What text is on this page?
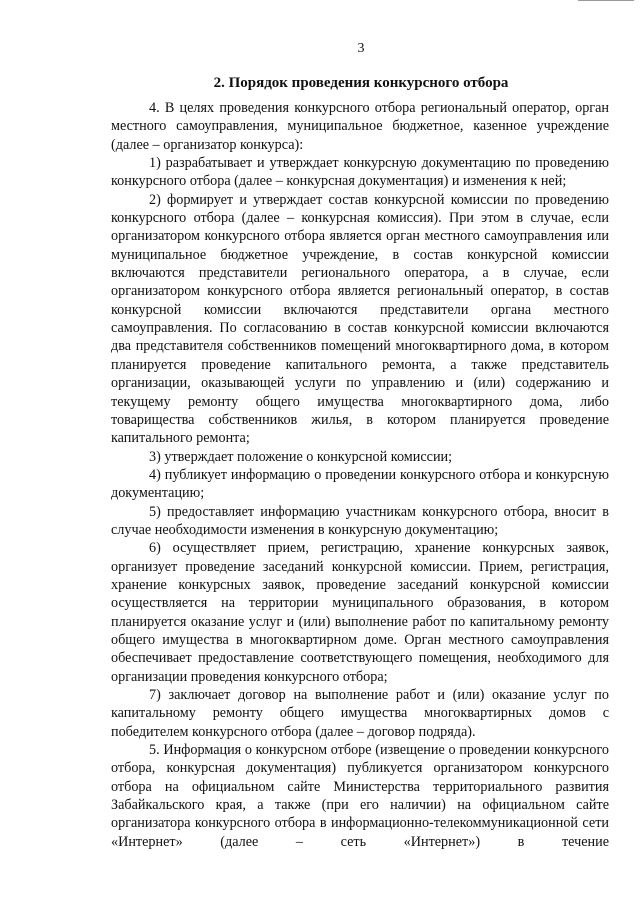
3
2. Порядок проведения конкурсного отбора

4. В целях проведения конкурсного отбора региональный оператор, орган местного самоуправления, муниципальное бюджетное, казенное учреждение (далее – организатор конкурса):

1) разрабатывает и утверждает конкурсную документацию по проведению конкурсного отбора (далее – конкурсная документация) и изменения к ней;

2) формирует и утверждает состав конкурсной комиссии по проведению конкурсного отбора (далее – конкурсная комиссия). При этом в случае, если организатором конкурсного отбора является орган местного самоуправления или муниципальное бюджетное учреждение, в состав конкурсной комиссии включаются представители регионального оператора, а в случае, если организатором конкурсного отбора является региональный оператор, в состав конкурсной комиссии включаются представители органа местного самоуправления. По согласованию в состав конкурсной комиссии включаются два представителя собственников помещений многоквартирного дома, в котором планируется проведение капитального ремонта, а также представитель организации, оказывающей услуги по управлению и (или) содержанию и текущему ремонту общего имущества многоквартирного дома, либо товарищества собственников жилья, в котором планируется проведение капитального ремонта;

3) утверждает положение о конкурсной комиссии;

4) публикует информацию о проведении конкурсного отбора и конкурсную документацию;

5) предоставляет информацию участникам конкурсного отбора, вносит в случае необходимости изменения в конкурсную документацию;

6) осуществляет прием, регистрацию, хранение конкурсных заявок, организует проведение заседаний конкурсной комиссии. Прием, регистрация, хранение конкурсных заявок, проведение заседаний конкурсной комиссии осуществляется на территории муниципального образования, в котором планируется оказание услуг и (или) выполнение работ по капитальному ремонту общего имущества в многоквартирном доме. Орган местного самоуправления обеспечивает предоставление соответствующего помещения, необходимого для организации проведения конкурсного отбора;

7) заключает договор на выполнение работ и (или) оказание услуг по капитальному ремонту общего имущества многоквартирных домов с победителем конкурсного отбора (далее – договор подряда).

5. Информация о конкурсном отборе (извещение о проведении конкурсного отбора, конкурсная документация) публикуется организатором конкурсного отбора на официальном сайте Министерства территориального развития Забайкальского края, а также (при его наличии) на официальном сайте организатора конкурсного отбора в информационно-телекоммуникационной сети «Интернет» (далее – сеть «Интернет») в течение
